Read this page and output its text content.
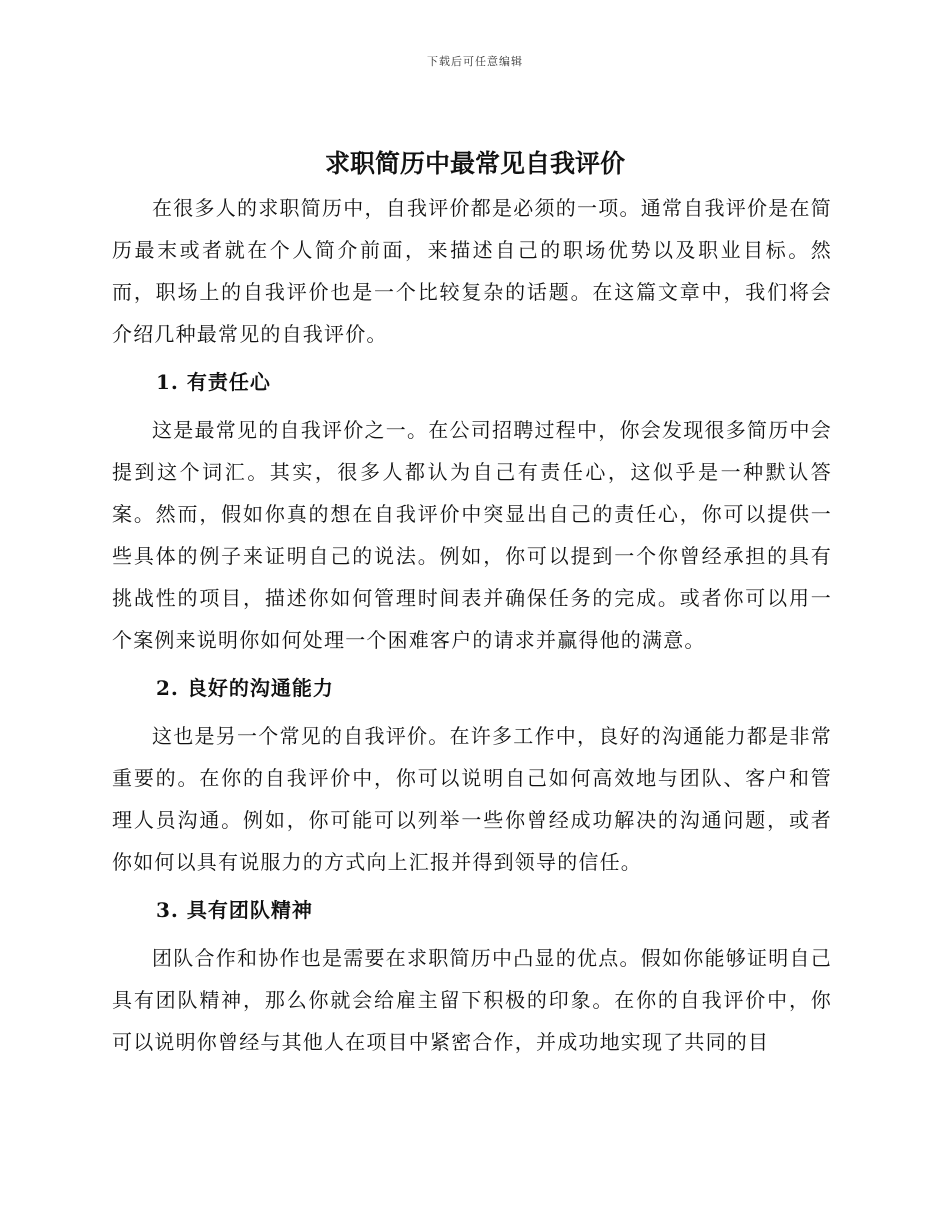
下载后可任意编辑
求职简历中最常见自我评价

在很多人的求职简历中，自我评价都是必须的一项。通常自我评价是在简历最末或者就在个人简介前面，来描述自己的职场优势以及职业目标。然而，职场上的自我评价也是一个比较复杂的话题。在这篇文章中，我们将会介绍几种最常见的自我评价。

1. 有责任心

这是最常见的自我评价之一。在公司招聘过程中，你会发现很多简历中会提到这个词汇。其实，很多人都认为自己有责任心，这似乎是一种默认答案。然而，假如你真的想在自我评价中突显出自己的责任心，你可以提供一些具体的例子来证明自己的说法。例如，你可以提到一个你曾经承担的具有挑战性的项目，描述你如何管理时间表并确保任务的完成。或者你可以用一个案例来说明你如何处理一个困难客户的请求并赢得他的满意。

2. 良好的沟通能力

这也是另一个常见的自我评价。在许多工作中，良好的沟通能力都是非常重要的。在你的自我评价中，你可以说明自己如何高效地与团队、客户和管理人员沟通。例如，你可能可以列举一些你曾经成功解决的沟通问题，或者你如何以具有说服力的方式向上汇报并得到领导的信任。

3. 具有团队精神

团队合作和协作也是需要在求职简历中凸显的优点。假如你能够证明自己具有团队精神，那么你就会给雇主留下积极的印象。在你的自我评价中，你可以说明你曾经与其他人在项目中紧密合作，并成功地实现了共同的目
